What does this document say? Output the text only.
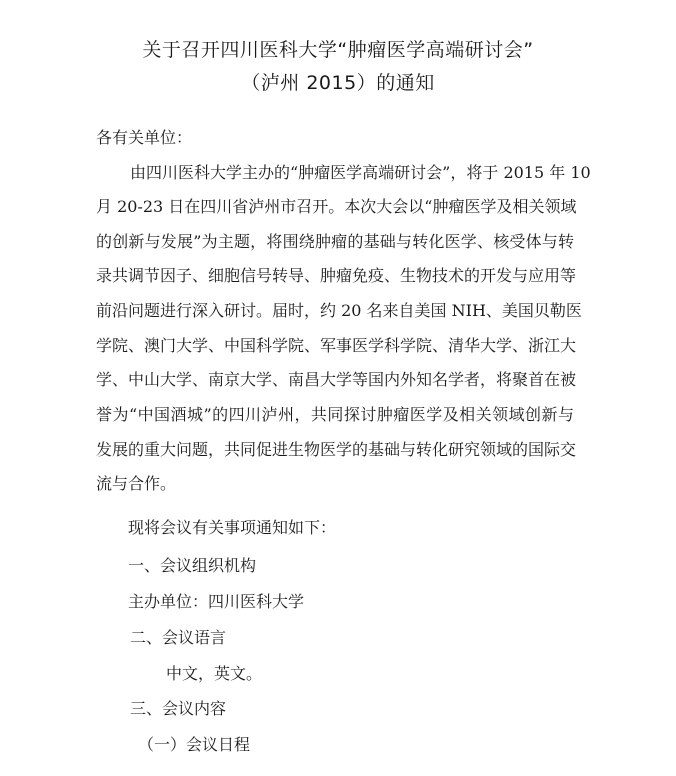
关于召开四川医科大学“肿瘤医学高端研讨会”
（泸州 2015）的通知
各有关单位：
由四川医科大学主办的“肿瘤医学高端研讨会”，将于 2015 年 10
月 20-23 日在四川省泸州市召开。本次大会以“肿瘤医学及相关领域
的创新与发展”为主题，将围绕肿瘤的基础与转化医学、核受体与转
录共调节因子、细胞信号转导、肿瘤免疫、生物技术的开发与应用等
前沿问题进行深入研讨。届时，约 20 名来自美国 NIH、美国贝勒医
学院、澳门大学、中国科学院、军事医学科学院、清华大学、浙江大
学、中山大学、南京大学、南昌大学等国内外知名学者，将聚首在被
誉为“中国酒城”的四川泸州，共同探讨肿瘤医学及相关领域创新与
发展的重大问题，共同促进生物医学的基础与转化研究领域的国际交
流与合作。
现将会议有关事项通知如下：
一、会议组织机构
主办单位：四川医科大学
二、会议语言
中文，英文。
三、会议内容
（一）会议日程
